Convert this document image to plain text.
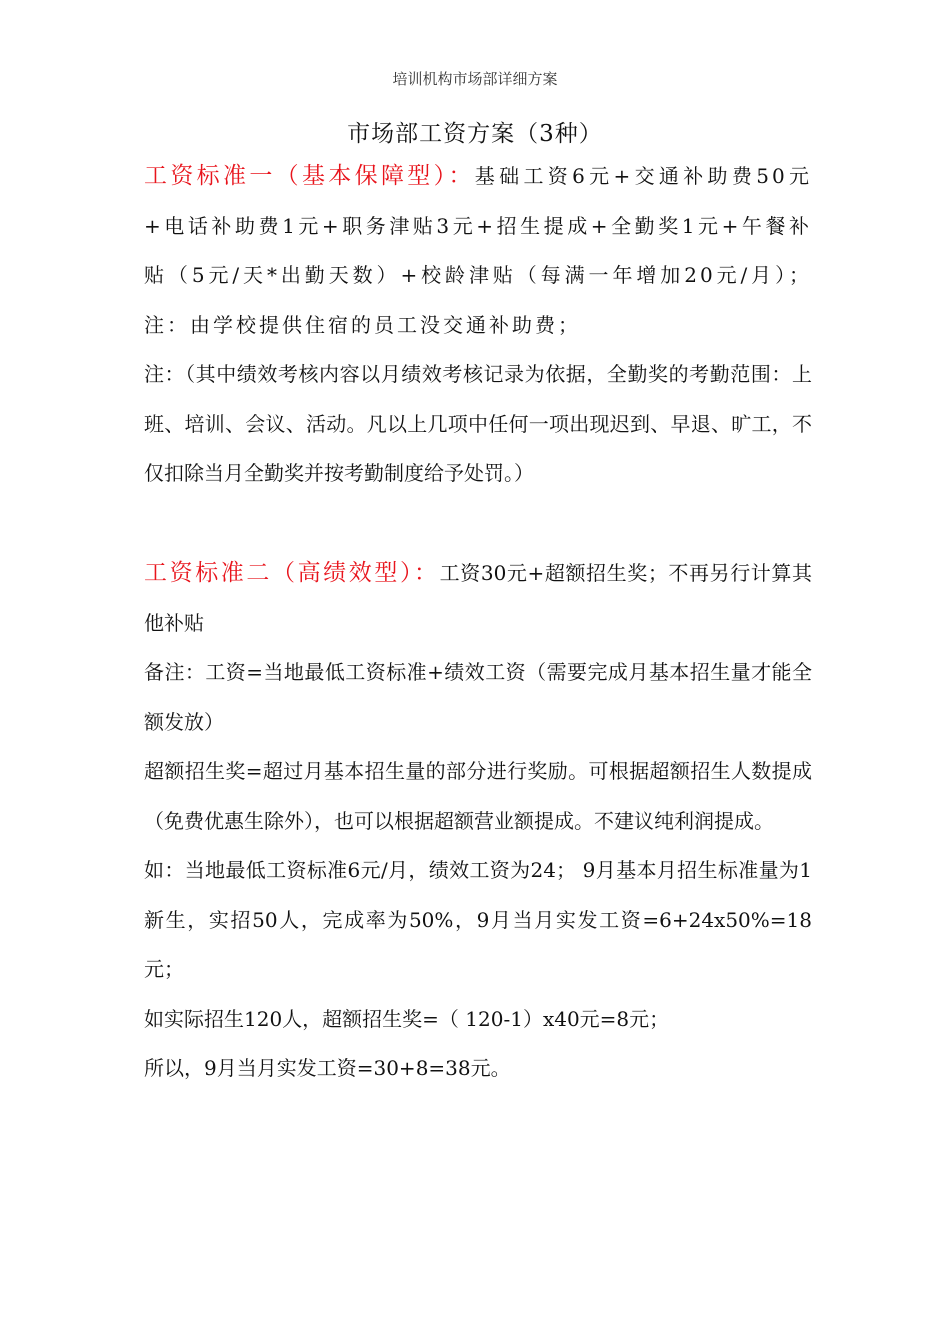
培训机构市场部详细方案
市场部工资方案（3种）

工资标准一（基本保障型）：基础工资6元+交通补助费50元+电话补助费1元+职务津贴3元+招生提成+全勤奖1元+午餐补贴（5元/天*出勤天数）+校龄津贴（每满一年增加20元/月）；注：由学校提供住宿的员工没交通补助费；

注：（其中绩效考核内容以月绩效考核记录为依据，全勤奖的考勤范围：上班、培训、会议、活动。凡以上几项中任何一项出现迟到、早退、旷工，不仅扣除当月全勤奖并按考勤制度给予处罚。）

工资标准二（高绩效型）：工资30元+超额招生奖；不再另行计算其他补贴

备注：工资=当地最低工资标准+绩效工资（需要完成月基本招生量才能全额发放）

超额招生奖=超过月基本招生量的部分进行奖励。可根据超额招生人数提成（免费优惠生除外），也可以根据超额营业额提成。不建议纯利润提成。

如：当地最低工资标准6元/月，绩效工资为24； 9月基本月招生标准量为1新生，实招50人，完成率为50%，9月当月实发工资=6+24x50%=18 元；

如实际招生120人，超额招生奖=（ 120-1）x40元=8元；

所以，9月当月实发工资=30+8=38元。
